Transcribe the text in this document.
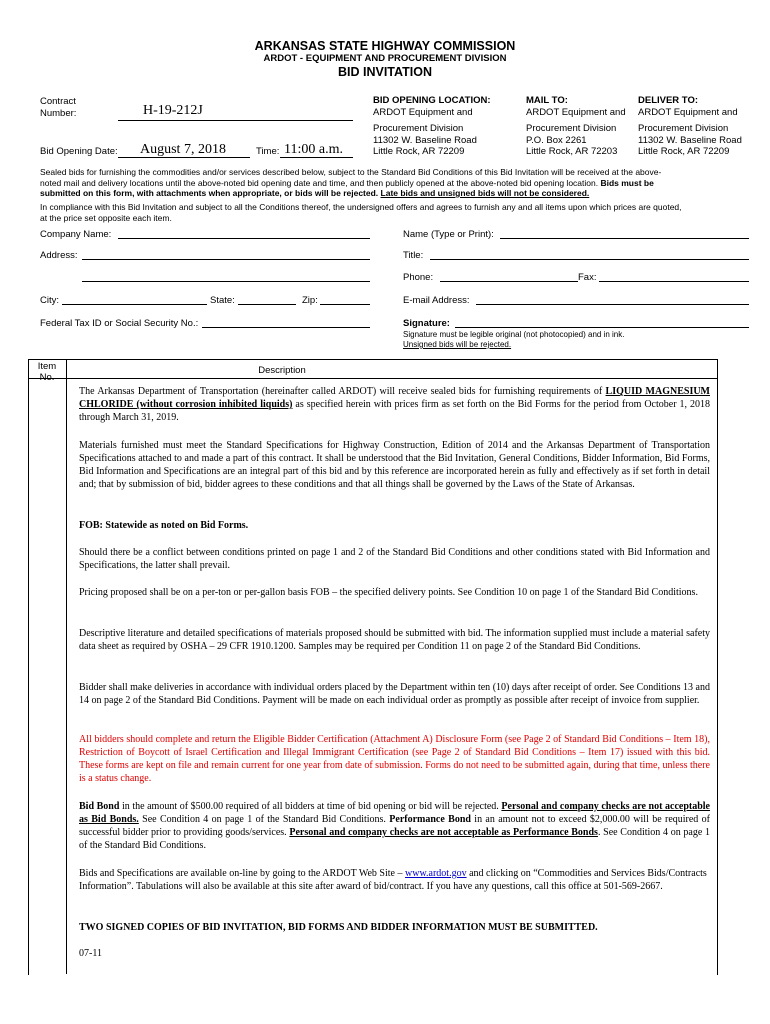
ARKANSAS STATE HIGHWAY COMMISSION
ARDOT - EQUIPMENT AND PROCUREMENT DIVISION
BID INVITATION
Contract
Number:	H-19-212J
Bid Opening Date: August 7, 2018	Time: 11:00 a.m.
BID OPENING LOCATION:
ARDOT Equipment and
Procurement Division
11302 W. Baseline Road
Little Rock, AR 72209
MAIL TO:
ARDOT Equipment and
Procurement Division
P.O. Box 2261
Little Rock, AR 72203
DELIVER TO:
ARDOT Equipment and
Procurement Division
11302 W. Baseline Road
Little Rock, AR 72209
Sealed bids for furnishing the commodities and/or services described below, subject to the Standard Bid Conditions of this Bid Invitation will be received at the above-
noted mail and delivery locations until the above-noted bid opening date and time, and then publicly opened at the above-noted bid opening location. Bids must be
submitted on this form, with attachments when appropriate, or bids will be rejected. Late bids and unsigned bids will not be considered.
In compliance with this Bid Invitation and subject to all the Conditions thereof, the undersigned offers and agrees to furnish any and all items upon which prices are quoted,
at the price set opposite each item.
Company Name:	Name (Type or Print):
Address:	Title:
Phone:	Fax:
City:	State:	Zip:	E-mail Address:
Federal Tax ID or Social Security No.:	Signature:
Signature must be legible original (not photocopied) and in ink.
Unsigned bids will be rejected.
Item
No.
Description
The Arkansas Department of Transportation (hereinafter called ARDOT) will receive sealed bids for furnishing requirements of LIQUID MAGNESIUM CHLORIDE (without corrosion inhibited liquids) as specified herein with prices firm as set forth on the Bid Forms for the period from October 1, 2018 through March 31, 2019.
Materials furnished must meet the Standard Specifications for Highway Construction, Edition of 2014 and the Arkansas Department of Transportation Specifications attached to and made a part of this contract. It shall be understood that the Bid Invitation, General Conditions, Bidder Information, Bid Forms, Bid Information and Specifications are an integral part of this bid and by this reference are incorporated herein as fully and effectively as if set forth in detail and; that by submission of bid, bidder agrees to these conditions and that all things shall be governed by the Laws of the State of Arkansas.
FOB: Statewide as noted on Bid Forms.
Should there be a conflict between conditions printed on page 1 and 2 of the Standard Bid Conditions and other conditions stated with Bid Information and Specifications, the latter shall prevail.
Pricing proposed shall be on a per-ton or per-gallon basis FOB – the specified delivery points. See Condition 10 on page 1 of the Standard Bid Conditions.
Descriptive literature and detailed specifications of materials proposed should be submitted with bid. The information supplied must include a material safety data sheet as required by OSHA – 29 CFR 1910.1200. Samples may be required per Condition 11 on page 2 of the Standard Bid Conditions.
Bidder shall make deliveries in accordance with individual orders placed by the Department within ten (10) days after receipt of order. See Conditions 13 and 14 on page 2 of the Standard Bid Conditions. Payment will be made on each individual order as promptly as possible after receipt of invoice from supplier.
All bidders should complete and return the Eligible Bidder Certification (Attachment A) Disclosure Form (see Page 2 of Standard Bid Conditions – Item 18), Restriction of Boycott of Israel Certification and Illegal Immigrant Certification (see Page 2 of Standard Bid Conditions – Item 17) issued with this bid. These forms are kept on file and remain current for one year from date of submission. Forms do not need to be submitted again, during that time, unless there is a status change.
Bid Bond in the amount of $500.00 required of all bidders at time of bid opening or bid will be rejected. Personal and company checks are not acceptable as Bid Bonds. See Condition 4 on page 1 of the Standard Bid Conditions. Performance Bond in an amount not to exceed $2,000.00 will be required of successful bidder prior to providing goods/services. Personal and company checks are not acceptable as Performance Bonds. See Condition 4 on page 1 of the Standard Bid Conditions.
Bids and Specifications are available on-line by going to the ARDOT Web Site – www.ardot.gov and clicking on “Commodities and Services Bids/Contracts Information”. Tabulations will also be available at this site after award of bid/contract. If you have any questions, call this office at 501-569-2667.
TWO SIGNED COPIES OF BID INVITATION, BID FORMS AND BIDDER INFORMATION MUST BE SUBMITTED.
07-11
